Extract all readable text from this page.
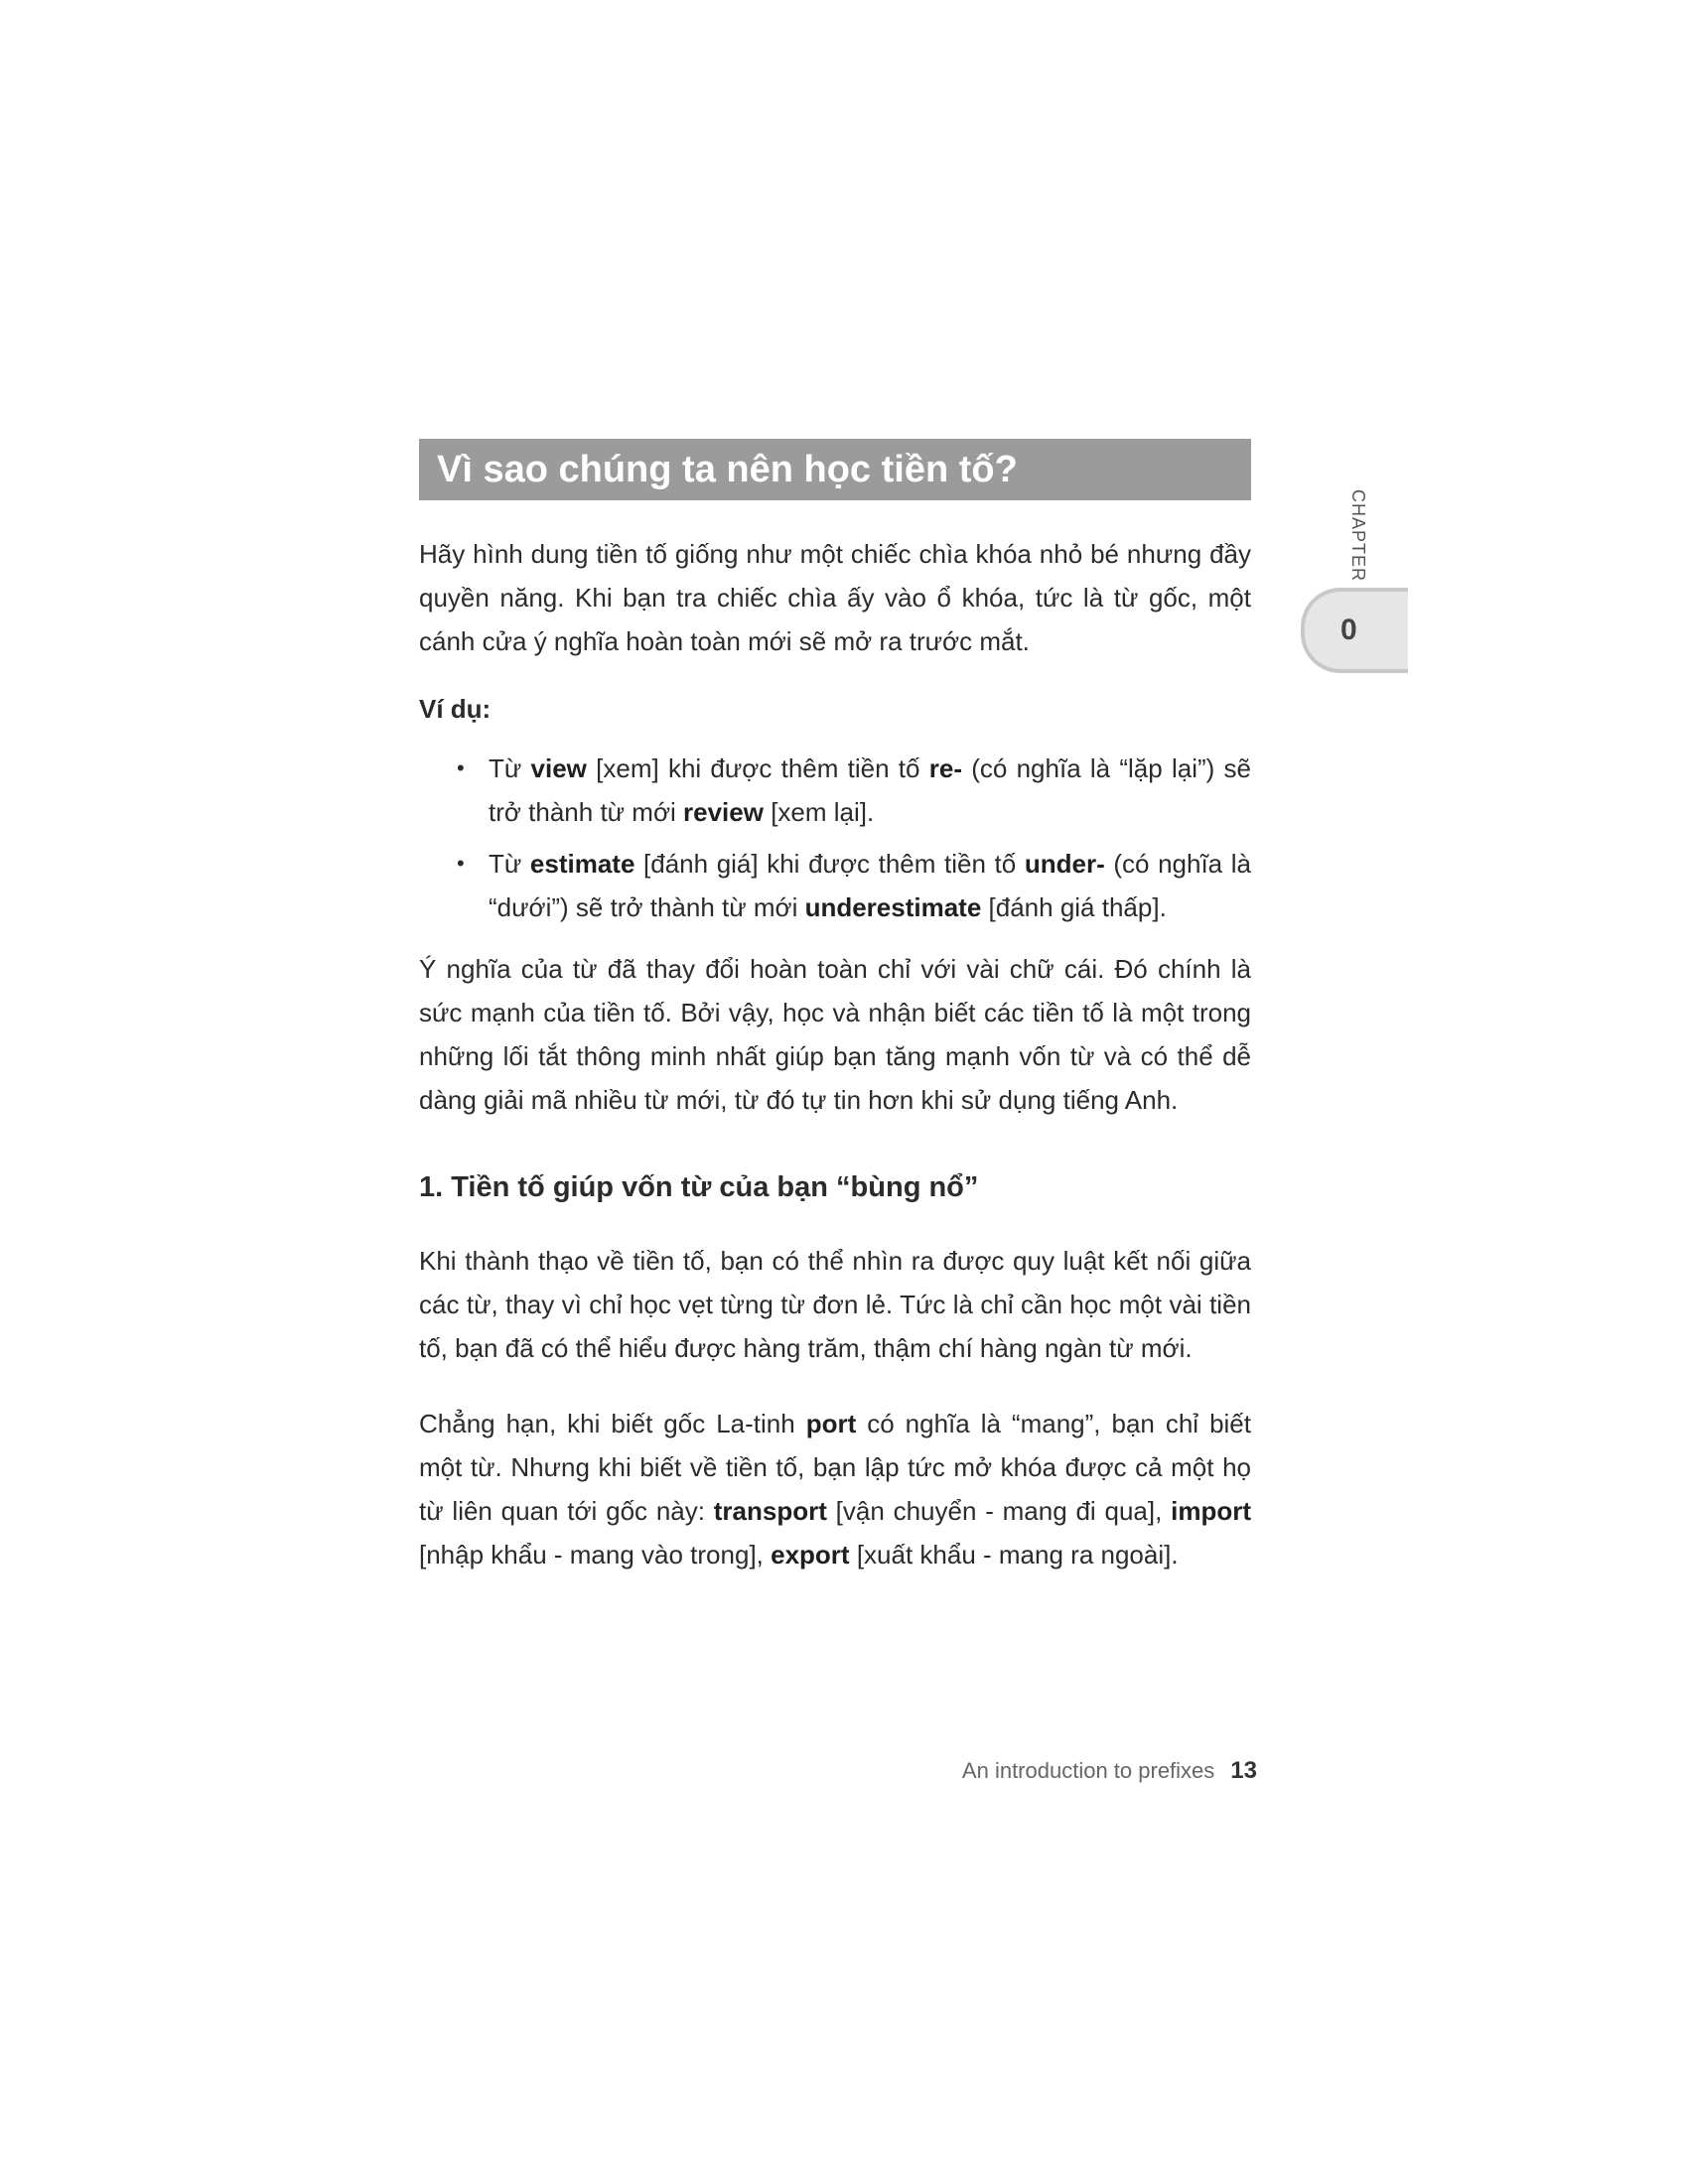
CHAPTER
0
Vì sao chúng ta nên học tiền tố?

Hãy hình dung tiền tố giống như một chiếc chìa khóa nhỏ bé nhưng đầy quyền năng. Khi bạn tra chiếc chìa ấy vào ổ khóa, tức là từ gốc, một cánh cửa ý nghĩa hoàn toàn mới sẽ mở ra trước mắt.

Ví dụ:
• Từ view [xem] khi được thêm tiền tố re- (có nghĩa là “lặp lại”) sẽ trở thành từ mới review [xem lại].
• Từ estimate [đánh giá] khi được thêm tiền tố under- (có nghĩa là “dưới”) sẽ trở thành từ mới underestimate [đánh giá thấp].

Ý nghĩa của từ đã thay đổi hoàn toàn chỉ với vài chữ cái. Đó chính là sức mạnh của tiền tố. Bởi vậy, học và nhận biết các tiền tố là một trong những lối tắt thông minh nhất giúp bạn tăng mạnh vốn từ và có thể dễ dàng giải mã nhiều từ mới, từ đó tự tin hơn khi sử dụng tiếng Anh.

1. Tiền tố giúp vốn từ của bạn “bùng nổ”

Khi thành thạo về tiền tố, bạn có thể nhìn ra được quy luật kết nối giữa các từ, thay vì chỉ học vẹt từng từ đơn lẻ. Tức là chỉ cần học một vài tiền tố, bạn đã có thể hiểu được hàng trăm, thậm chí hàng ngàn từ mới.

Chẳng hạn, khi biết gốc La-tinh port có nghĩa là “mang”, bạn chỉ biết một từ. Nhưng khi biết về tiền tố, bạn lập tức mở khóa được cả một họ từ liên quan tới gốc này: transport [vận chuyển - mang đi qua], import [nhập khẩu - mang vào trong], export [xuất khẩu - mang ra ngoài].

An introduction to prefixes 13
